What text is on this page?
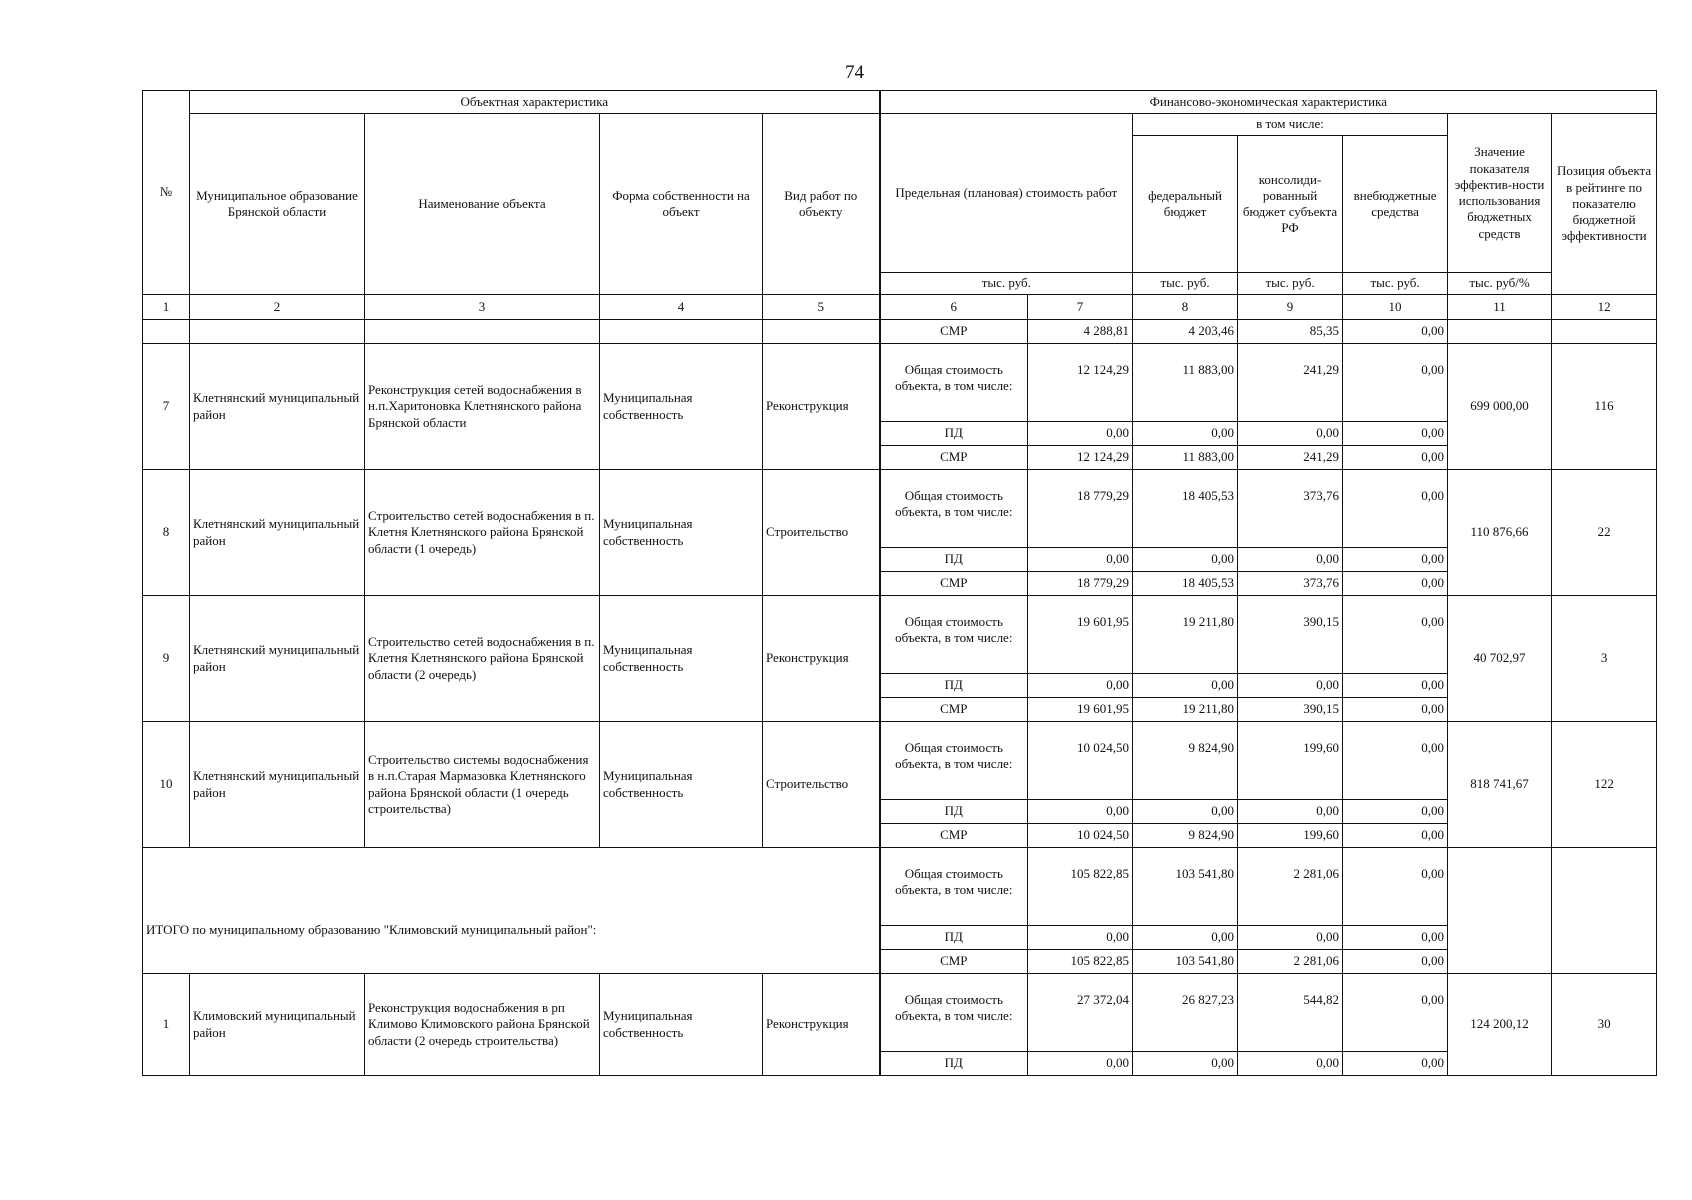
74
№	Объектная характеристика				Финансово-экономическая характеристика						
	Муниципальное образование Брянской области	Наименование объекта	Форма собственности на объект	Вид работ по объекту	Предельная (плановая) стоимость работ		в том числе:			Значение показателя эффектив-ности использования бюджетных средств	Позиция объекта в рейтинге по показателю бюджетной эффективности
							федеральный бюджет	консолиди-рованный бюджет субъекта РФ	внебюджетные средства		
					тыс. руб.		тыс. руб.	тыс. руб.	тыс. руб.	тыс. руб/%	
1	2	3	4	5	6	7	8	9	10	11	12
					СМР	4 288,81	4 203,46	85,35	0,00		
7	Клетнянский муниципальный район	Реконструкция сетей водоснабжения в н.п.Харитоновка Клетнянского района Брянской области	Муниципальная собственность	Реконструкция	Общая стоимость объекта, в том числе:	12 124,29	11 883,00	241,29	0,00	699 000,00	116
					ПД	0,00	0,00	0,00	0,00		
					СМР	12 124,29	11 883,00	241,29	0,00		
8	Клетнянский муниципальный район	Строительство сетей водоснабжения в п. Клетня Клетнянского района Брянской области (1 очередь)	Муниципальная собственность	Строительство	Общая стоимость объекта, в том числе:	18 779,29	18 405,53	373,76	0,00	110 876,66	22
					ПД	0,00	0,00	0,00	0,00		
					СМР	18 779,29	18 405,53	373,76	0,00		
9	Клетнянский муниципальный район	Строительство сетей водоснабжения в п. Клетня Клетнянского района Брянской области (2 очередь)	Муниципальная собственность	Реконструкция	Общая стоимость объекта, в том числе:	19 601,95	19 211,80	390,15	0,00	40 702,97	3
					ПД	0,00	0,00	0,00	0,00		
					СМР	19 601,95	19 211,80	390,15	0,00		
10	Клетнянский муниципальный район	Строительство системы водоснабжения в н.п.Старая Мармазовка Клетнянского района Брянской области (1 очередь строительства)	Муниципальная собственность	Строительство	Общая стоимость объекта, в том числе:	10 024,50	9 824,90	199,60	0,00	818 741,67	122
					ПД	0,00	0,00	0,00	0,00		
					СМР	10 024,50	9 824,90	199,60	0,00		
ИТОГО по муниципальному образованию "Климовский муниципальный район":					Общая стоимость объекта, в том числе:	105 822,85	103 541,80	2 281,06	0,00		
					ПД	0,00	0,00	0,00	0,00		
					СМР	105 822,85	103 541,80	2 281,06	0,00		
1	Климовский муниципальный район	Реконструкция водоснабжения в рп Климово Климовского района Брянской области (2 очередь строительства)	Муниципальная собственность	Реконструкция	Общая стоимость объекта, в том числе:	27 372,04	26 827,23	544,82	0,00	124 200,12	30
					ПД	0,00	0,00	0,00	0,00		
